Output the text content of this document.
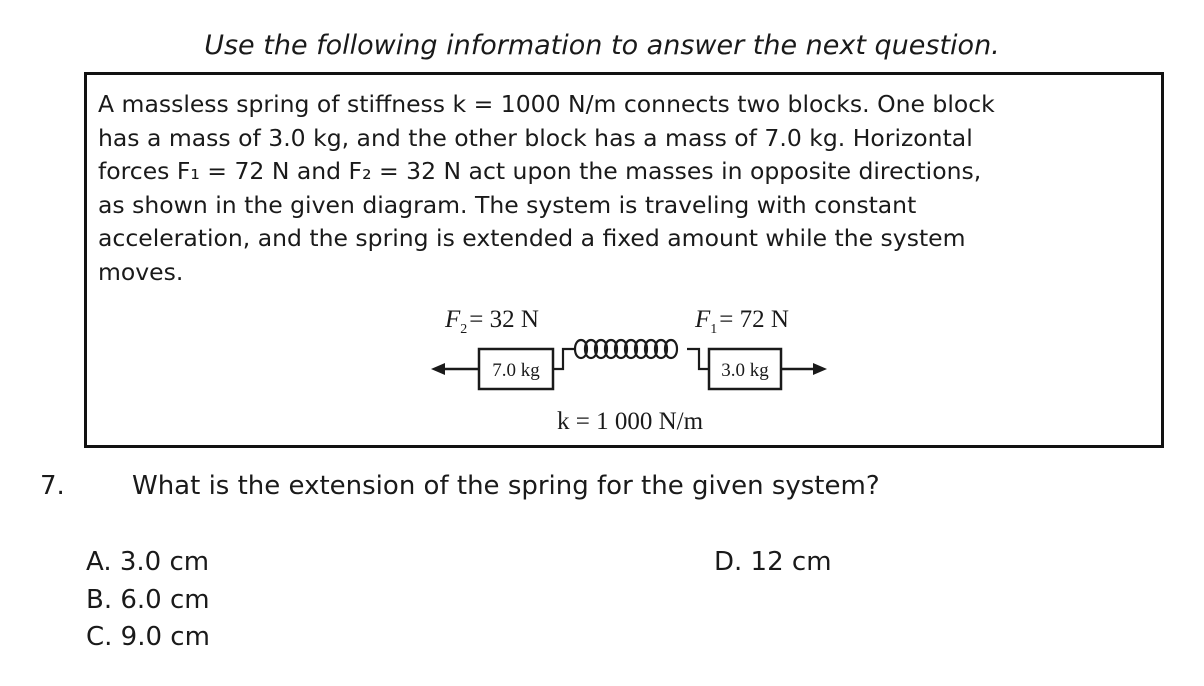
Use the following information to answer the next question.
A massless spring of stiffness k = 1000 N/m connects two blocks. One block
has a mass of 3.0 kg, and the other block has a mass of 7.0 kg. Horizontal
forces F₁ = 72 N and F₂ = 32 N act upon the masses in opposite directions,
as shown in the given diagram. The system is traveling with constant
acceleration, and the spring is extended a fixed amount while the system
moves.
$F_2= 32$ N	$F_1= 72$ N
7.0 kg	3.0 kg
k = 1 000 N/m
7.	What is the extension of the spring for the given system?
A. 3.0 cm
B. 6.0 cm
C. 9.0 cm
D. 12 cm
